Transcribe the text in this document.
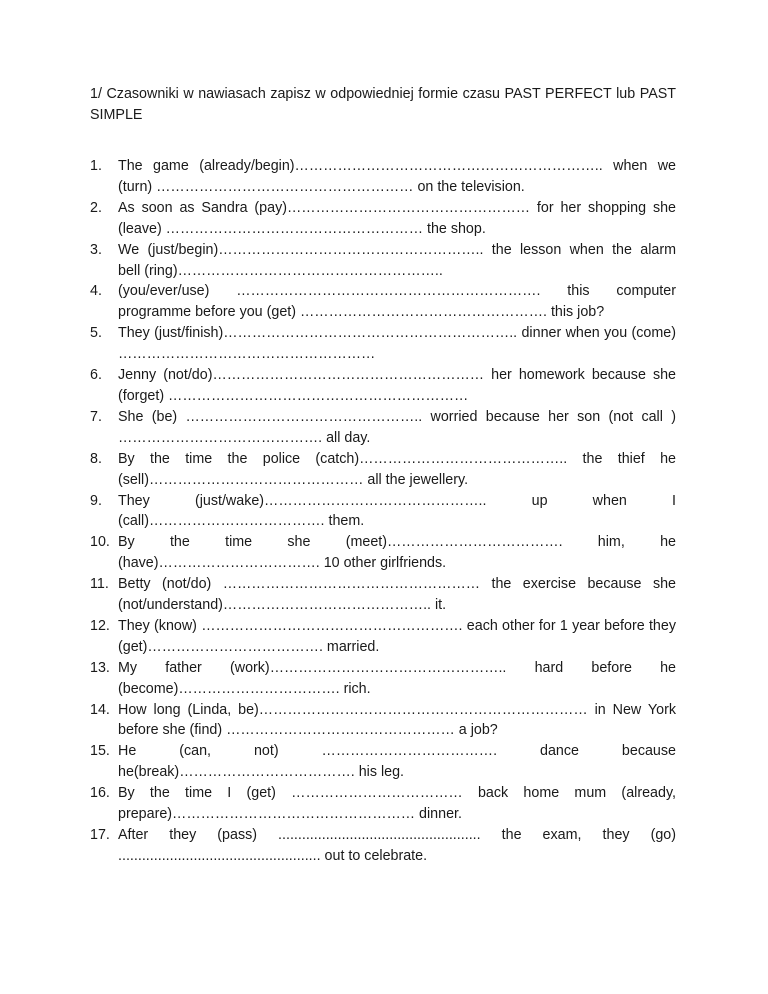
1/ Czasowniki w nawiasach zapisz w odpowiedniej formie czasu PAST PERFECT lub PAST SIMPLE

1. The game (already/begin)……………………………………………………….. when we (turn) ……………………………………………… on the television.
2. As soon as Sandra (pay)…………………………………………… for her shopping she (leave) ……………………………………………… the shop.
3. We (just/begin)……………………………………………….. the lesson when the alarm bell (ring)………………………………………………..
4. (you/ever/use) ………………………………………………………. this computer programme before you (get) ……………………………………………. this job?
5. They (just/finish)…………………………………………………….. dinner when you (come) ………………………………………………
6. Jenny (not/do)………………………………………………… her homework because she (forget) ………………………………………………………
7. She (be) ………………………………………….. worried because her son (not call ) ……………………………………. all day.
8. By the time the police (catch)…………………………………….. the thief he (sell)……………………………………… all the jewellery.
9. They (just/wake)……………………………………….. up when I (call)………………………………. them.
10. By the time she (meet)………………………………. him, he (have)……………………………. 10 other girlfriends.
11. Betty (not/do) ……………………………………………… the exercise because she (not/understand)…………………………………….. it.
12. They (know) ………………………………………………. each other for 1 year before they (get)………………………………. married.
13. My father (work)………………………………………….. hard before he (become)……………………………. rich.
14. How long (Linda, be)…………………………………………………………… in New York before she (find) ………………………………………… a job?
15. He (can, not) ………………………………. dance because he(break)………………………………. his leg.
16. By the time I (get) ……………………………… back home mum (already, prepare)…………………………………………… dinner.
17. After they (pass) ................................................... the exam, they (go) ................................................... out to celebrate.
